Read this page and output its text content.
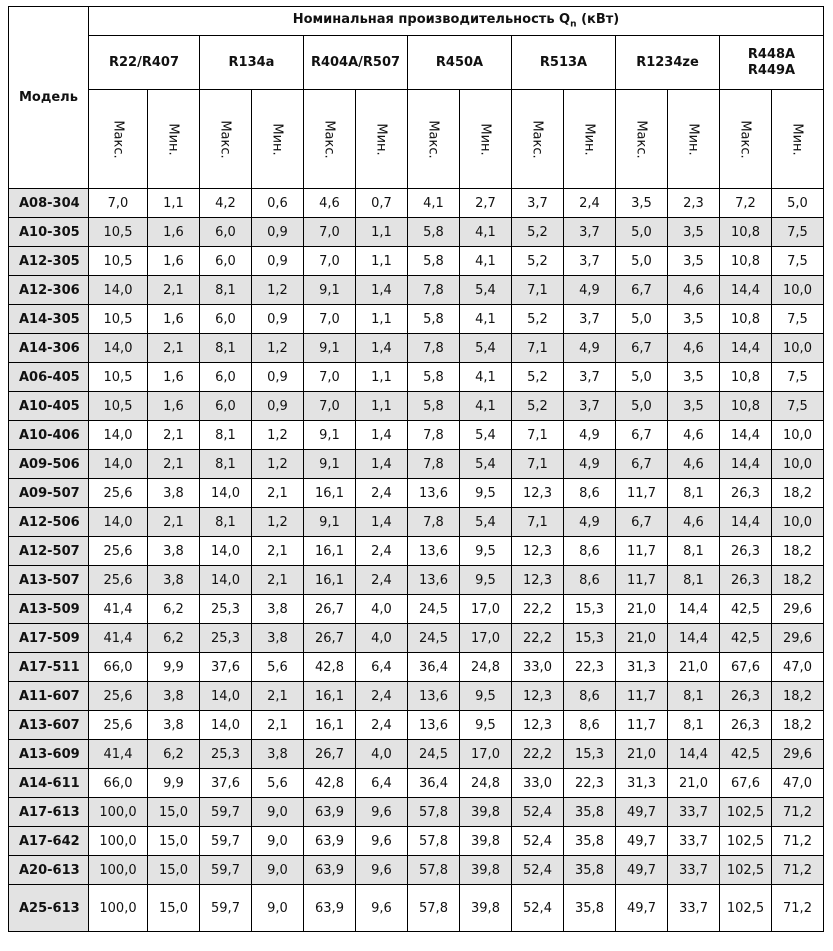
Модель	Номинальная производительность $Q_n$ (кВт)													
	R22/R407		R134a		R404A/R507		R450A		R513A		R1234ze		R448A
R449A	
	Макс.	Мин.	Макс.	Мин.	Макс.	Мин.	Макс.	Мин.	Макс.	Мин.	Макс.	Мин.	Макс.	Мин.
A08-304	7,0	1,1	4,2	0,6	4,6	0,7	4,1	2,7	3,7	2,4	3,5	2,3	7,2	5,0
A10-305	10,5	1,6	6,0	0,9	7,0	1,1	5,8	4,1	5,2	3,7	5,0	3,5	10,8	7,5
A12-305	10,5	1,6	6,0	0,9	7,0	1,1	5,8	4,1	5,2	3,7	5,0	3,5	10,8	7,5
A12-306	14,0	2,1	8,1	1,2	9,1	1,4	7,8	5,4	7,1	4,9	6,7	4,6	14,4	10,0
A14-305	10,5	1,6	6,0	0,9	7,0	1,1	5,8	4,1	5,2	3,7	5,0	3,5	10,8	7,5
A14-306	14,0	2,1	8,1	1,2	9,1	1,4	7,8	5,4	7,1	4,9	6,7	4,6	14,4	10,0
A06-405	10,5	1,6	6,0	0,9	7,0	1,1	5,8	4,1	5,2	3,7	5,0	3,5	10,8	7,5
A10-405	10,5	1,6	6,0	0,9	7,0	1,1	5,8	4,1	5,2	3,7	5,0	3,5	10,8	7,5
A10-406	14,0	2,1	8,1	1,2	9,1	1,4	7,8	5,4	7,1	4,9	6,7	4,6	14,4	10,0
A09-506	14,0	2,1	8,1	1,2	9,1	1,4	7,8	5,4	7,1	4,9	6,7	4,6	14,4	10,0
A09-507	25,6	3,8	14,0	2,1	16,1	2,4	13,6	9,5	12,3	8,6	11,7	8,1	26,3	18,2
A12-506	14,0	2,1	8,1	1,2	9,1	1,4	7,8	5,4	7,1	4,9	6,7	4,6	14,4	10,0
A12-507	25,6	3,8	14,0	2,1	16,1	2,4	13,6	9,5	12,3	8,6	11,7	8,1	26,3	18,2
A13-507	25,6	3,8	14,0	2,1	16,1	2,4	13,6	9,5	12,3	8,6	11,7	8,1	26,3	18,2
A13-509	41,4	6,2	25,3	3,8	26,7	4,0	24,5	17,0	22,2	15,3	21,0	14,4	42,5	29,6
A17-509	41,4	6,2	25,3	3,8	26,7	4,0	24,5	17,0	22,2	15,3	21,0	14,4	42,5	29,6
A17-511	66,0	9,9	37,6	5,6	42,8	6,4	36,4	24,8	33,0	22,3	31,3	21,0	67,6	47,0
A11-607	25,6	3,8	14,0	2,1	16,1	2,4	13,6	9,5	12,3	8,6	11,7	8,1	26,3	18,2
A13-607	25,6	3,8	14,0	2,1	16,1	2,4	13,6	9,5	12,3	8,6	11,7	8,1	26,3	18,2
A13-609	41,4	6,2	25,3	3,8	26,7	4,0	24,5	17,0	22,2	15,3	21,0	14,4	42,5	29,6
A14-611	66,0	9,9	37,6	5,6	42,8	6,4	36,4	24,8	33,0	22,3	31,3	21,0	67,6	47,0
A17-613	100,0	15,0	59,7	9,0	63,9	9,6	57,8	39,8	52,4	35,8	49,7	33,7	102,5	71,2
A17-642	100,0	15,0	59,7	9,0	63,9	9,6	57,8	39,8	52,4	35,8	49,7	33,7	102,5	71,2
A20-613	100,0	15,0	59,7	9,0	63,9	9,6	57,8	39,8	52,4	35,8	49,7	33,7	102,5	71,2
A25-613	100,0	15,0	59,7	9,0	63,9	9,6	57,8	39,8	52,4	35,8	49,7	33,7	102,5	71,2
